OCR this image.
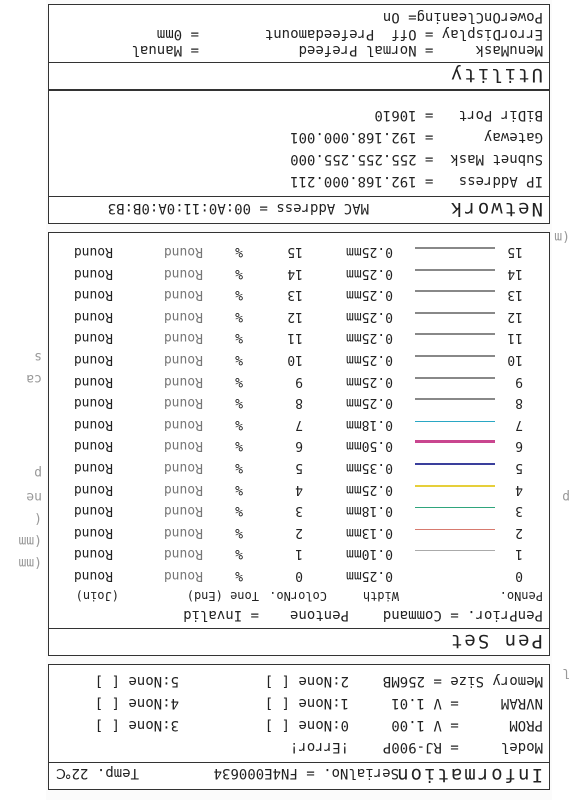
Information
SerialNo. = FN4E000634
Temp. 22℃
Model     = RJ-900P
!Error!
PROM      = V 1.00
0:None [ ]
3:None [ ]
NVRAM     = V 1.01
1:None [ ]
4:None [ ]
Memory Size = 256MB
2:None [ ]
5:None [ ]
Pen Set
PenPrior. = Command
Pentone
= Invalid
PenNo.
Width
ColorNo.
Tone (End)
(Join)
0
0.25mm
0
%
Round
Round
1
0.10mm
1
%
Round
Round
2
0.13mm
2
%
Round
Round
3
0.18mm
3
%
Round
Round
4
0.25mm
4
%
Round
Round
5
0.35mm
5
%
Round
Round
6
0.50mm
6
%
Round
Round
7
0.18mm
7
%
Round
Round
8
0.25mm
8
%
Round
Round
9
0.25mm
9
%
Round
Round
10
0.25mm
10
%
Round
Round
11
0.25mm
11
%
Round
Round
12
0.25mm
12
%
Round
Round
13
0.25mm
13
%
Round
Round
14
0.25mm
14
%
Round
Round
15
0.25mm
15
%
Round
Round
Network
MAC Address = 00:A0:11:0A:0B:B3
IP Address   = 192.168.000.211
Subnet Mask  = 255.255.255.000
Gateway      = 192.168.000.001
BiDir Port   = 10610
Utility
MenuMask     = Normal Prefeed
= Manual
ErrorDisplay = Off  Prefeedamount
= 0mm
PowerOnCleaning= On
(mm
(mm
(
ne
p
ca
s
l
p
(m
